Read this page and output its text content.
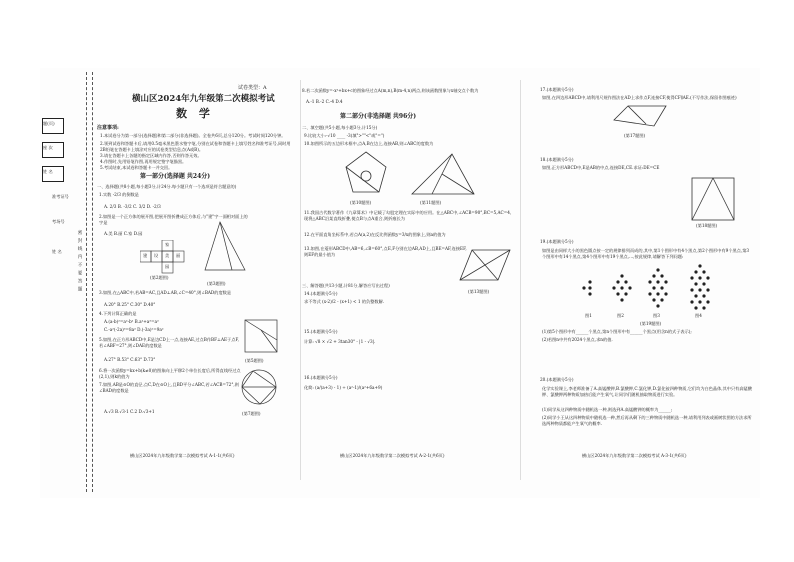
题(页)
座 次
姓 名
准考证号
考场号
姓 名	密 封 线 内 不 要 答 题
试卷类型：A
横山区2024年九年级第二次模拟考试
数 学
注意事项:
1.本试卷分为第一部分(选择题)和第二部分(非选择题)。全卷共6页,总分120分。考试时间120分钟。
2.领到试卷和答题卡后,请用0.5毫米黑色墨水签字笔,分别在试卷和答题卡上填写姓名和准考证号,同时用2B铅笔在答题卡上填涂对应的试卷类型信息点(A或B)。
3.请在答题卡上各题的指定区域内作答,否则作答无效。
4.作图时,先用铅笔作图,再用规定签字笔描黑。
5.考试结束,本试卷和答题卡一并交回。
第一部分(选择题 共24分)
一、选择题(共8小题,每小题3分,计24分.每小题只有一个选项是符合题意的)
1.实数 -2/3 的倒数是
A. 2/3 B. -3/2 C. 3/2 D. -2/3
2.如图是一个正方体的展开图,把展开图折叠成正方体后,与"建"字一面相对面上的字是
A.美 B.丽 C.家 D.园
建 设 美 丽
家
园
(第2题图)
(第3题图)
3.如图,在△ABC中,若AB=AC,且AD⊥AB,∠C=40°,则∠BAD的度数是
A.20° B.25° C.30° D.40°
4.下列计算正确的是
A.(a-b)²=a²-b² B.a²+a³=a⁵
C.-a²(-2a)³=8a⁵ D.(-3a)²=9a²
5.如图,在正方形ABCD中,E是边CD上一点,连接AE,过点B作BF⊥AE于点F,若∠ABF=27°,则∠DAE的度数是
A.27° B.53° C.63° D.73°	(第5题图)
6.将一次函数y=kx+b(k≠0)的图象向上平移2个单位长度后,所得直线经过点(2,1),则k的值为
7.如图,AB是⊙O的直径,点C,D在⊙O上,且BD平分∠ABC,若∠ACB=72°,则∠BAD的度数是
A.√3 B.√3-1 C.2 D.√3+1	(第7题图)
横山区2024年九年级数学第二次模拟考试 A-1-1(共6页)
8.若二次函数y=-x²+bx+c的图象经过点A(m,n),B(m-4,n)两点,则该函数图象与x轴交点个数为
A.-1 B.-2 C.-4 D.4
第二部分(非选择题 共96分)
二、填空题(共5小题,每小题3分,计15分)
9.比较大小:-√10 ____ -3(填">""<"或"=")
10.如图所示的五边形木框中,点A,B在边上,连接AB,则∠ABC的度数为
(第10题图)	(第11题图)
11.我国古代数学著作《九章算术》中记载了勾股定理在实际中的应用。在△ABC中,∠ACB=90°,BC=5,AC=4,现将△ABC沿某直线折叠,使点B与点A重合,则折痕长为
12.在平面直角坐标系中,若点A(a,2)在反比例函数y=3/x的图象上,则a的值为
13.如图,在菱形ABCD中,AB=6,∠B=60°,点E,F分别在边AB,AD上,且BE=AF,连接EF,则EF的最小值为
(第13题图)
三、解答题(共13小题,计81分,解答应写出过程)
14.(本题满分5分)
求不等式 (x-2)/2 - (x+1) < 1 的负整数解.
15.(本题满分5分)
计算: √8 × √2 + 3tan30° - |1 - √3|.
16.(本题满分5分)
化简: (a/(a+3) - 1) ÷ (a²-1)/(a²+6a+9)
横山区2024年九年级数学第二次模拟考试 A-2-1(共6页)
17.(本题满分5分)
如图,在四边形ABCD中,请利用尺规作图法在AD上求作点F,连接CF,使得CF∥AE.(不写作法,保留作图痕迹)
(第17题图)
18.(本题满分5分)
如图,正方形ABCD中,E是AB的中点,连接DE,CE.求证:DE=CE
(第18题图)
19.(本题满分5分)
如图是由同样大小的黑色圆点按一定的规律排列而成的,其中,第1个图形中有4个黑点,第2个图形中有9个黑点,第3个图形中有14个黑点,第4个图形中有19个黑点,...,按此规律,请解答下列问题:
图1	图2	图3	图4
(第19题图)
(1)第5个图形中有______个黑点,第n个图形中有______个黑点(用含n的式子表示);
(2)若图n中共有2024个黑点,求n的值.
20.(本题满分5分)
化学实验课上,李老师准备了A.高锰酸钾,B.氯酸钾,C.氯化钾,D.氯化铵四种物质,它们均为白色晶体,其中只有高锰酸钾、氯酸钾两种物质加热后能产生氧气,让同学们随机抽取物质进行实验。
(1)同学从这四种物质中随机选一种,则选到A.高锰酸钾的概率为______;
(2)同学小王从这四种物质中随机选一种,然后再从剩下的三种物质中随机选一种,请利用列表或画树状图的方法求所选两种物质都能产生氧气的概率.
横山区2024年九年级数学第二次模拟考试 A-3-1(共6页)
